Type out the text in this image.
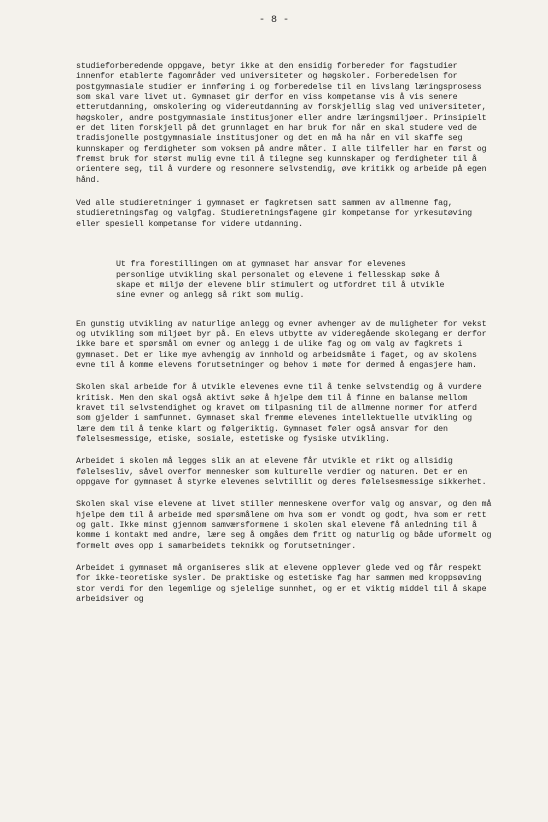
- 8 -

studieforberedende oppgave, betyr ikke at den ensidig forbereder for fagstudier innenfor etablerte fagområder ved universiteter og høgskoler. Forberedelsen for postgymnasiale studier er innføring i og forberedelse til en livslang læringsprosess som skal vare livet ut. Gymnaset gir derfor en viss kompetanse vis å vis senere etterutdanning, omskolering og videreutdanning av forskjellig slag ved universiteter, høgskoler, andre postgymnasiale institusjoner eller andre læringsmiljøer. Prinsipielt er det liten forskjell på det grunnlaget en har bruk for når en skal studere ved de tradisjonelle postgymnasiale institusjoner og det en må ha når en vil skaffe seg kunnskaper og ferdigheter som voksen på andre måter. I alle tilfeller har en først og fremst bruk for størst mulig evne til å tilegne seg kunnskaper og ferdigheter til å orientere seg, til å vurdere og resonnere selvstendig, øve kritikk og arbeide på egen hånd.

Ved alle studieretninger i gymnaset er fagkretsen satt sammen av allmenne fag, studieretningsfag og valgfag. Studieretningsfagene gir kompetanse for yrkesutøving eller spesiell kompetanse for videre utdanning.

Ut fra forestillingen om at gymnaset har ansvar for elevenes personlige utvikling skal personalet og elevene i fellesskap søke å skape et miljø der elevene blir stimulert og utfordret til å utvikle sine evner og anlegg så rikt som mulig.

En gunstig utvikling av naturlige anlegg og evner avhenger av de muligheter for vekst og utvikling som miljøet byr på. En elevs utbytte av videregående skolegang er derfor ikke bare et spørsmål om evner og anlegg i de ulike fag og om valg av fagkrets i gymnaset. Det er like mye avhengig av innhold og arbeidsmåte i faget, og av skolens evne til å komme elevens forutsetninger og behov i møte for dermed å engasjere ham.

Skolen skal arbeide for å utvikle elevenes evne til å tenke selvstendig og å vurdere kritisk. Men den skal også aktivt søke å hjelpe dem til å finne en balanse mellom kravet til selvstendighet og kravet om tilpasning til de allmenne normer for atferd som gjelder i samfunnet. Gymnaset skal fremme elevenes intellektuelle utvikling og lære dem til å tenke klart og følgeriktig. Gymnaset føler også ansvar for den følelsesmessige, etiske, sosiale, estetiske og fysiske utvikling.

Arbeidet i skolen må legges slik an at elevene får utvikle et rikt og allsidig følelsesliv, såvel overfor mennesker som kulturelle verdier og naturen. Det er en oppgave for gymnaset å styrke elevenes selvtillit og deres følelsesmessige sikkerhet.

Skolen skal vise elevene at livet stiller menneskene overfor valg og ansvar, og den må hjelpe dem til å arbeide med spørsmålene om hva som er vondt og godt, hva som er rett og galt. Ikke minst gjennom samværsformene i skolen skal elevene få anledning til å komme i kontakt med andre, lære seg å omgåes dem fritt og naturlig og både uformelt og formelt øves opp i samarbeidets teknikk og forutsetninger.

Arbeidet i gymnaset må organiseres slik at elevene opplever glede ved og får respekt for ikke-teoretiske sysler. De praktiske og estetiske fag har sammen med kroppsøving stor verdi for den legemlige og sjelelige sunnhet, og er et viktig middel til å skape arbeidsiver og
